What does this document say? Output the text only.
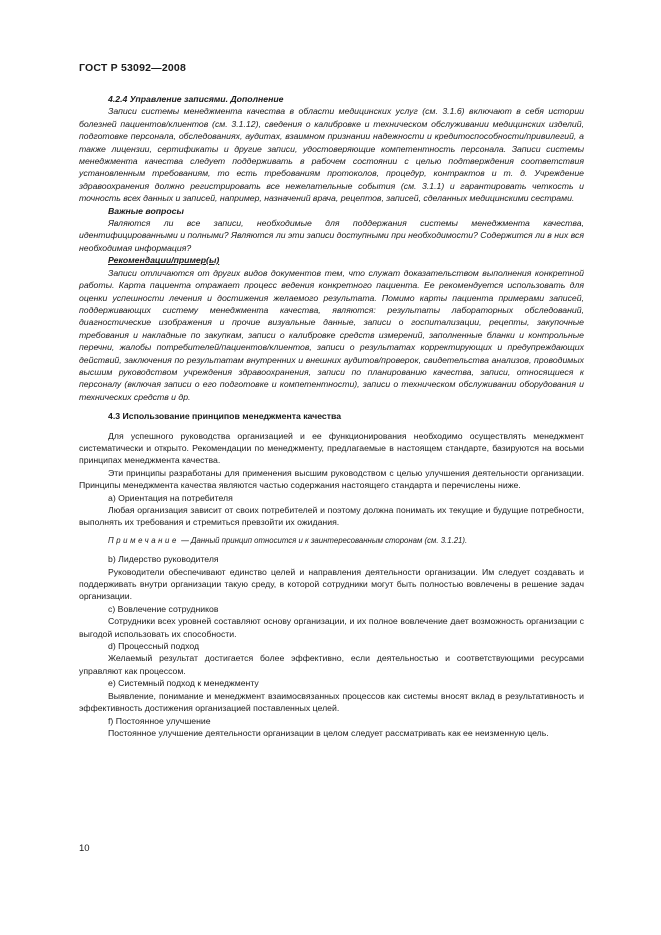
ГОСТ Р 53092—2008

4.2.4 Управление записями. Дополнение

Записи системы менеджмента качества в области медицинских услуг (см. 3.1.6) включают в себя истории болезней пациентов/клиентов (см. 3.1.12), сведения о калибровке и техническом обслуживании медицинских изделий, подготовке персонала, обследованиях, аудитах, взаимном признании надежности и кредитоспособности/привилегий, а также лицензии, сертификаты и другие записи, удостоверяющие компетентность персонала. Записи системы менеджмента качества следует поддерживать в рабочем состоянии с целью подтверждения соответствия установленным требованиям, то есть требованиям протоколов, процедур, контрактов и т. д. Учреждение здравоохранения должно регистрировать все нежелательные события (см. 3.1.1) и гарантировать четкость и точность всех данных и записей, например, назначений врача, рецептов, записей, сделанных медицинскими сестрами.

Важные вопросы

Являются ли все записи, необходимые для поддержания системы менеджмента качества, идентифицированными и полными? Являются ли эти записи доступными при необходимости? Содержится ли в них вся необходимая информация?

Рекомендации/пример(ы)

Записи отличаются от других видов документов тем, что служат доказательством выполнения конкретной работы. Карта пациента отражает процесс ведения конкретного пациента. Ее рекомендуется использовать для оценки успешности лечения и достижения желаемого результата. Помимо карты пациента примерами записей, поддерживающих систему менеджмента качества, являются: результаты лабораторных обследований, диагностические изображения и прочие визуальные данные, записи о госпитализации, рецепты, закупочные требования и накладные по закупкам, записи о калибровке средств измерений, заполненные бланки и контрольные перечни, жалобы потребителей/пациентов/клиентов, записи о результатах корректирующих и предупреждающих действий, заключения по результатам внутренних и внешних аудитов/проверок, свидетельства анализов, проводимых высшим руководством учреждения здравоохранения, записи по планированию качества, записи, относящиеся к персоналу (включая записи о его подготовке и компетентности), записи о техническом обслуживании оборудования и технических средств и др.

4.3 Использование принципов менеджмента качества

Для успешного руководства организацией и ее функционирования необходимо осуществлять менеджмент систематически и открыто. Рекомендации по менеджменту, предлагаемые в настоящем стандарте, базируются на восьми принципах менеджмента качества.

Эти принципы разработаны для применения высшим руководством с целью улучшения деятельности организации. Принципы менеджмента качества являются частью содержания настоящего стандарта и перечислены ниже.

a) Ориентация на потребителя

Любая организация зависит от своих потребителей и поэтому должна понимать их текущие и будущие потребности, выполнять их требования и стремиться превзойти их ожидания.

Примечание — Данный принцип относится и к заинтересованным сторонам (см. 3.1.21).

b) Лидерство руководителя

Руководители обеспечивают единство целей и направления деятельности организации. Им следует создавать и поддерживать внутри организации такую среду, в которой сотрудники могут быть полностью вовлечены в решение задач организации.

c) Вовлечение сотрудников

Сотрудники всех уровней составляют основу организации, и их полное вовлечение дает возможность организации с выгодой использовать их способности.

d) Процессный подход

Желаемый результат достигается более эффективно, если деятельностью и соответствующими ресурсами управляют как процессом.

e) Системный подход к менеджменту

Выявление, понимание и менеджмент взаимосвязанных процессов как системы вносят вклад в результативность и эффективность достижения организацией поставленных целей.

f) Постоянное улучшение

Постоянное улучшение деятельности организации в целом следует рассматривать как ее неизменную цель.

10
